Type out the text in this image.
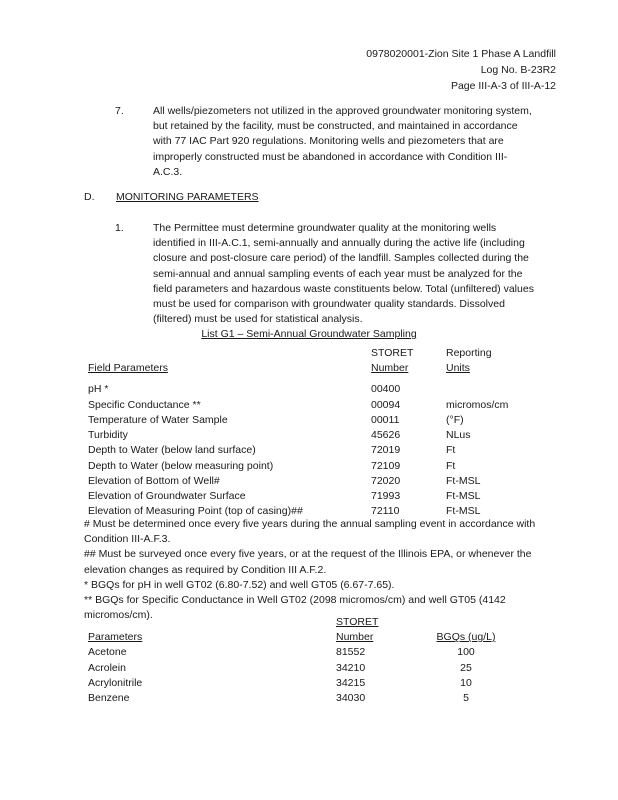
0978020001-Zion Site 1 Phase A Landfill
Log No. B-23R2
Page III-A-3 of III-A-12
7.	All wells/piezometers not utilized in the approved groundwater monitoring system, but retained by the facility, must be constructed, and maintained in accordance with 77 IAC Part 920 regulations. Monitoring wells and piezometers that are improperly constructed must be abandoned in accordance with Condition III-A.C.3.
D. MONITORING PARAMETERS
1.	The Permittee must determine groundwater quality at the monitoring wells identified in III-A.C.1, semi-annually and annually during the active life (including closure and post-closure care period) of the landfill. Samples collected during the semi-annual and annual sampling events of each year must be analyzed for the field parameters and hazardous waste constituents below. Total (unfiltered) values must be used for comparison with groundwater quality standards. Dissolved (filtered) must be used for statistical analysis.
List G1 – Semi-Annual Groundwater Sampling
	STORET	Reporting
Field Parameters	Number	Units

pH *	00400	
Specific Conductance **	00094	micromos/cm
Temperature of Water Sample	00011	(°F)
Turbidity	45626	NLus
Depth to Water (below land surface)	72019	Ft
Depth to Water (below measuring point)	72109	Ft
Elevation of Bottom of Well#	72020	Ft-MSL
Elevation of Groundwater Surface	71993	Ft-MSL
Elevation of Measuring Point (top of casing)##	72110	Ft-MSL

# Must be determined once every five years during the annual sampling event in accordance with Condition III-A.F.3.

## Must be surveyed once every five years, or at the request of the Illinois EPA, or whenever the elevation changes as required by Condition III A.F.2.

* BGQs for pH in well GT02 (6.80-7.52) and well GT05 (6.67-7.65).

** BGQs for Specific Conductance in Well GT02 (2098 micromos/cm) and well GT05 (4142 micromos/cm).

	STORET	
Parameters	Number	BGQs (ug/L)
Acetone	81552	100
Acrolein	34210	25
Acrylonitrile	34215	10
Benzene	34030	5
